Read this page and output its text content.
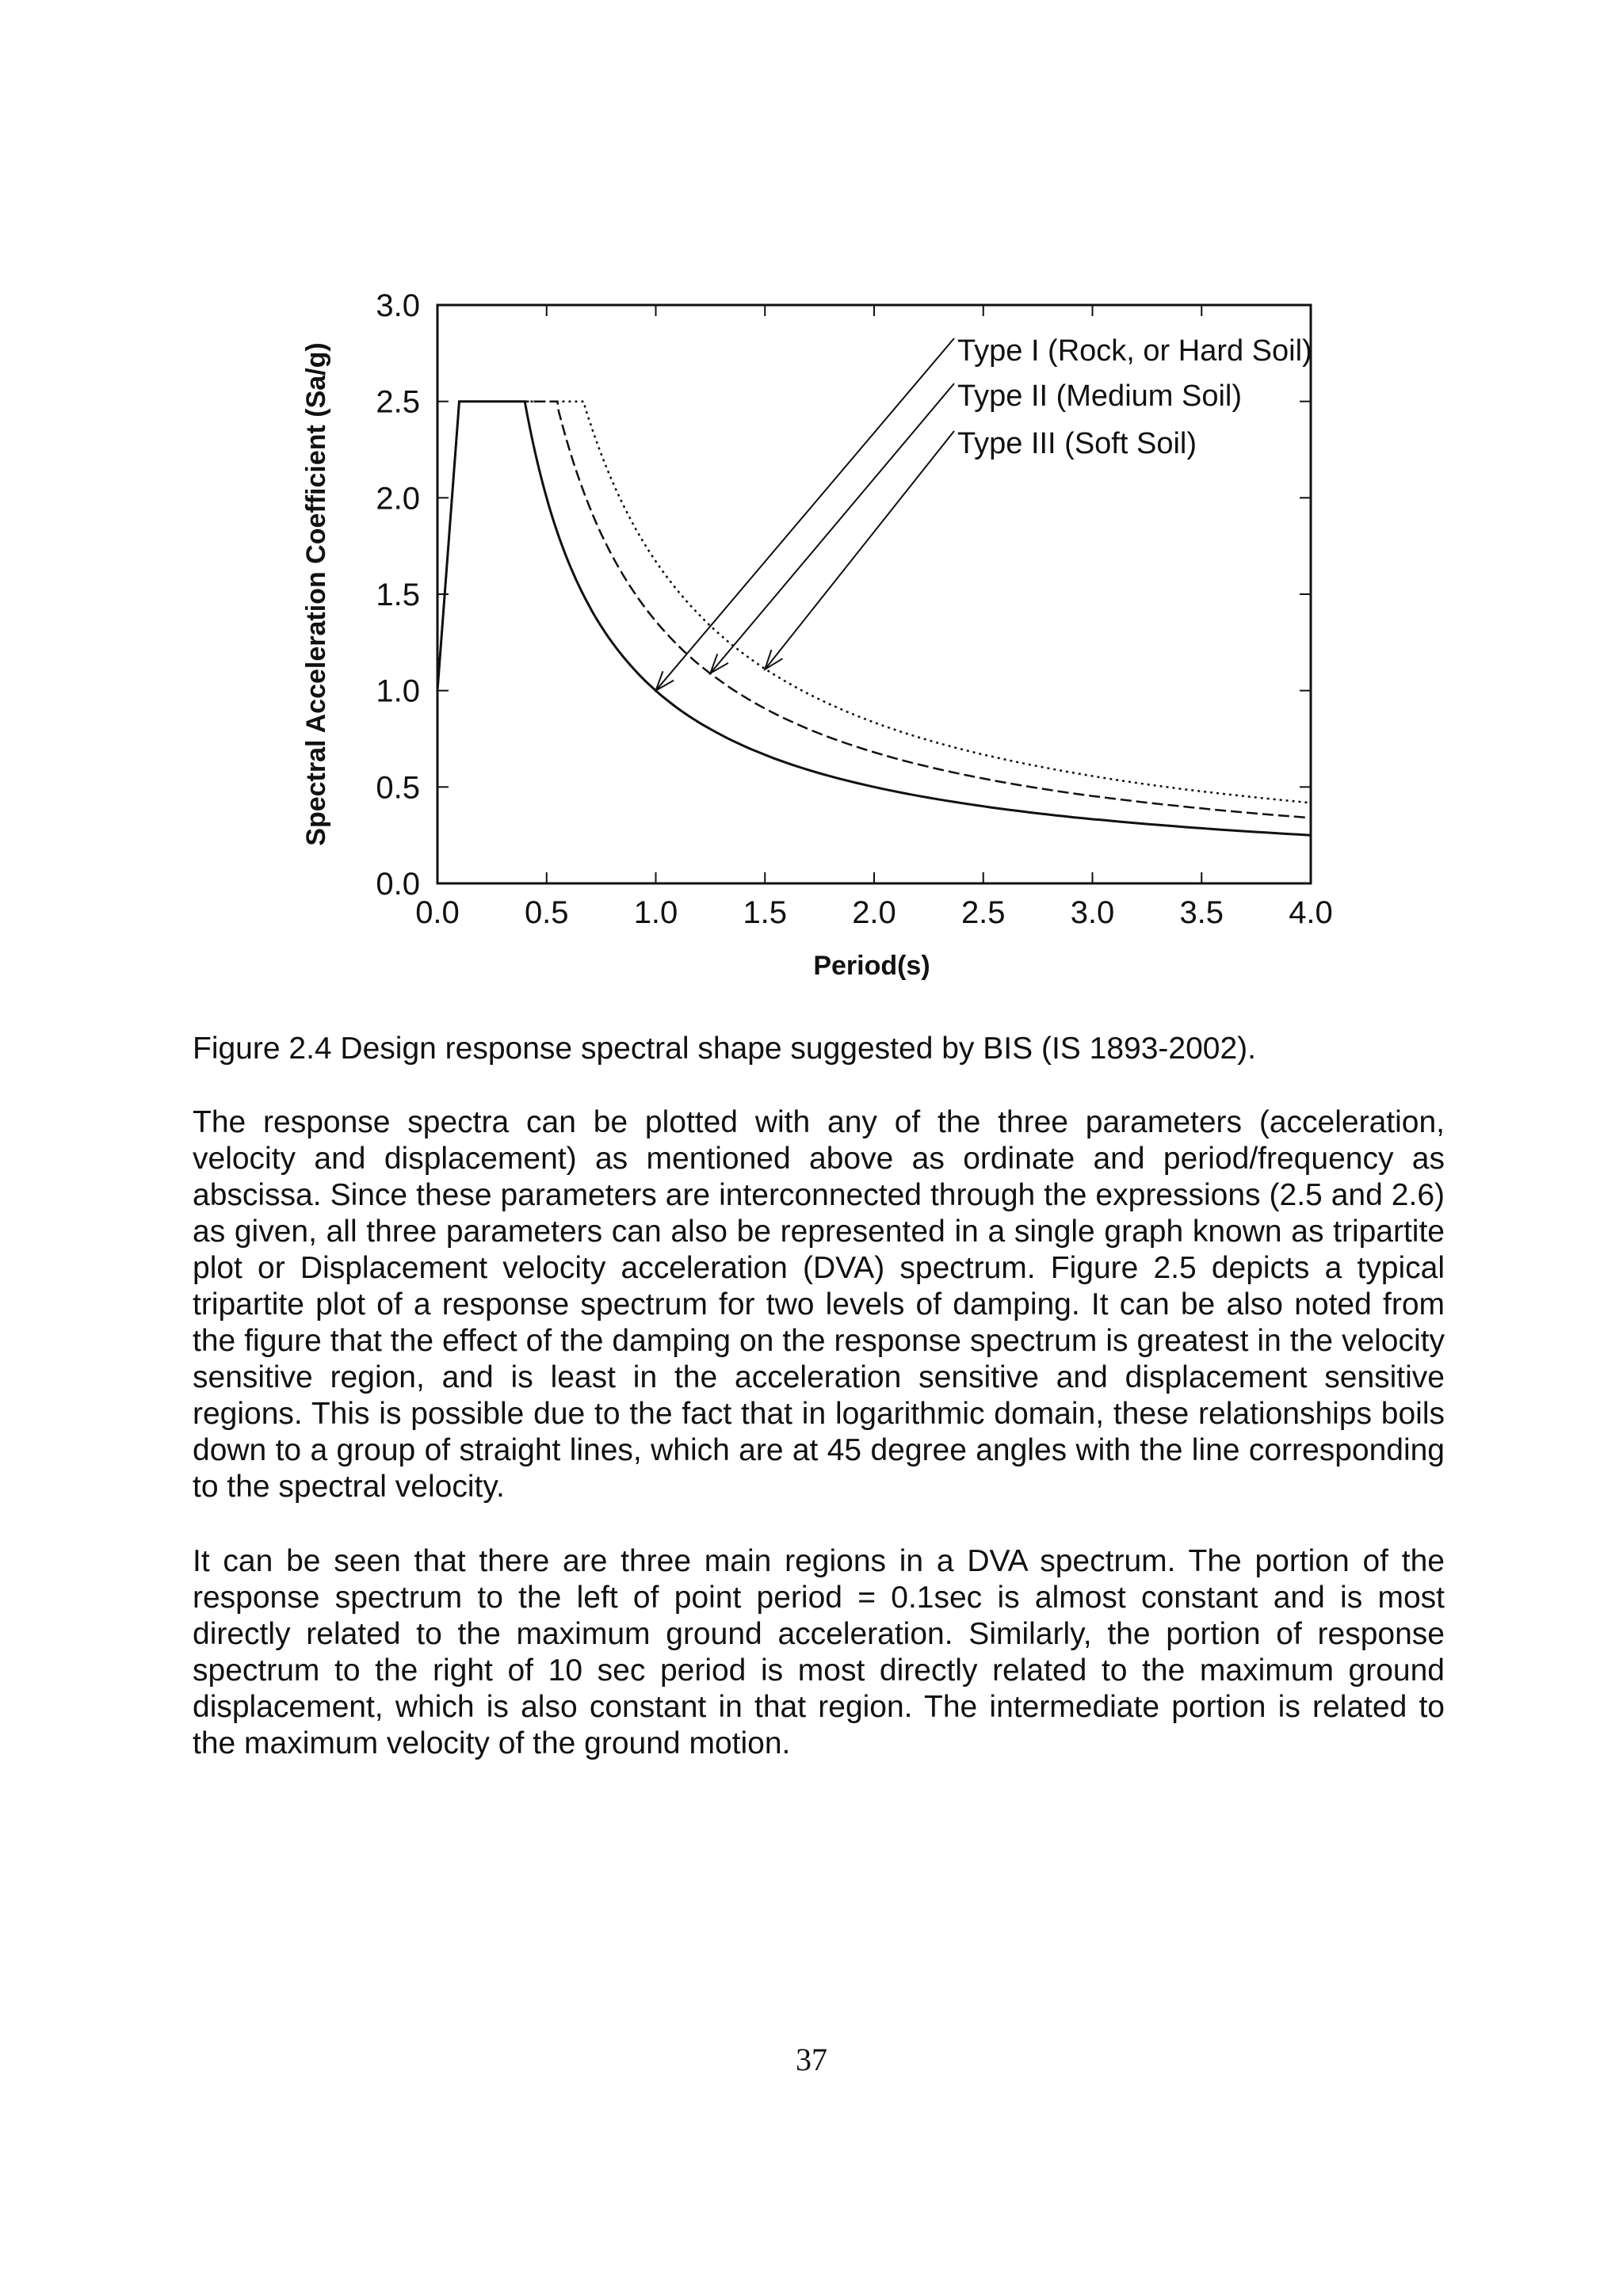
0.0 0.5 1.0 1.5 2.0 2.5 3.0 3.5 4.0
0.0
0.5
1.0
1.5
2.0
2.5
3.0
Period(s)
Spectral Acceleration Coefficient (Sa/g)	Type I (Rock, or Hard Soil)
Type II (Medium Soil)
Type III (Soft Soil)
Figure 2.4 Design response spectral shape suggested by BIS (IS 1893-2002).

The response spectra can be plotted with any of the three parameters (acceleration, velocity and displacement) as mentioned above as ordinate and period/frequency as abscissa. Since these parameters are interconnected through the expressions (2.5 and 2.6) as given, all three parameters can also be represented in a single graph known as tripartite plot or Displacement velocity acceleration (DVA) spectrum. Figure 2.5 depicts a typical tripartite plot of a response spectrum for two levels of damping. It can be also noted from the figure that the effect of the damping on the response spectrum is greatest in the velocity sensitive region, and is least in the acceleration sensitive and displacement sensitive regions. This is possible due to the fact that in logarithmic domain, these relationships boils down to a group of straight lines, which are at 45 degree angles with the line corresponding to the spectral velocity.

It can be seen that there are three main regions in a DVA spectrum. The portion of the response spectrum to the left of point period = 0.1sec is almost constant and is most directly related to the maximum ground acceleration. Similarly, the portion of response spectrum to the right of 10 sec period is most directly related to the maximum ground displacement, which is also constant in that region. The intermediate portion is related to the maximum velocity of the ground motion.

37
